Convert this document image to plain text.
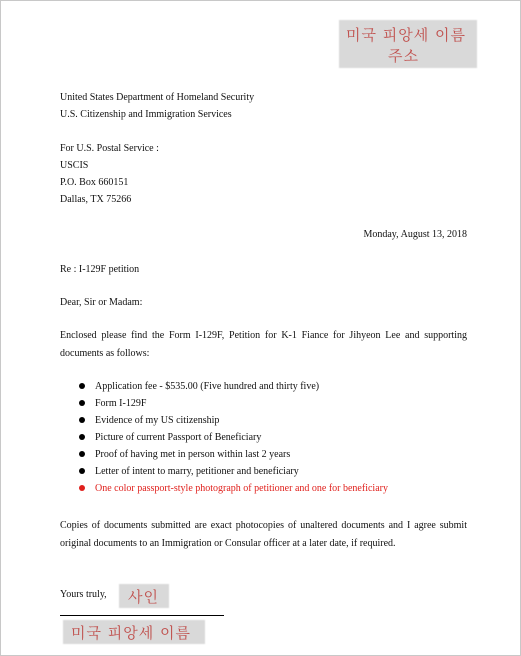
미국 피앙세 이름
주소
United States Department of Homeland Security
U.S. Citizenship and Immigration Services
For U.S. Postal Service :
USCIS
P.O. Box 660151
Dallas, TX 75266
Monday, August 13, 2018
Re : I-129F petition
Dear, Sir or Madam:
Enclosed please find the Form I-129F, Petition for K-1 Fiance for Jihyeon Lee and supporting documents as follows:
Application fee - $535.00 (Five hundred and thirty five)
Form I-129F
Evidence of my US citizenship
Picture of current Passport of Beneficiary
Proof of having met in person within last 2 years
Letter of intent to marry, petitioner and beneficiary
One color passport-style photograph of petitioner and one for beneficiary
Copies of documents submitted are exact photocopies of unaltered documents and I agree submit original documents to an Immigration or Consular officer at a later date, if required.
Yours truly, 사인
미국 피앙세 이름
